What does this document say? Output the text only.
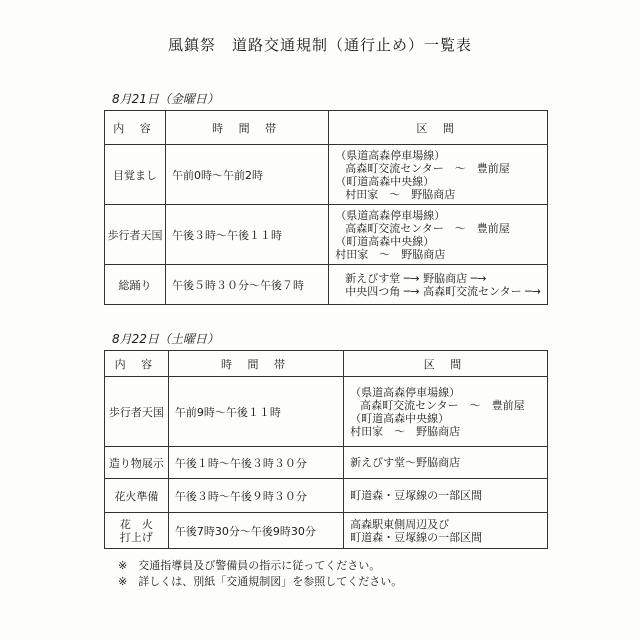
風鎮祭　道路交通規制（通行止め）一覧表
8月21日（金曜日）
内 容	時 間 帯	区 間
目覚まし	午前0時～午前2時	（県道高森停車場線）
高森町交流センター　～　豊前屋
（町道高森中央線）
村田家　～　野脇商店

歩行者天国	午後３時～午後１１時	（県道高森停車場線）
高森町交流センター　～　豊前屋
（町道高森中央線）
村田家　～　野脇商店

総踊り	午後５時３０分～午後７時	新えびす堂 ─→ 野脇商店 ─→
中央四つ角 ─→ 高森町交流センター ─→
8月22日（土曜日）
内 容	時 間 帯	区 間
歩行者天国	午前9時～午後１１時	（県道高森停車場線）
高森町交流センター　～　豊前屋
（町道高森中央線）
村田家　～　野脇商店

造り物展示	午後１時～午後３時３０分	新えびす堂～野脇商店

花火準備	午後３時～午後９時３０分	町道森・豆塚線の一部区間

花　火
打上げ	午後7時30分～午後9時30分	高森駅東側周辺及び
町道森・豆塚線の一部区間
※　交通指導員及び警備員の指示に従ってください。
※　詳しくは、別紙「交通規制図」を参照してください。
